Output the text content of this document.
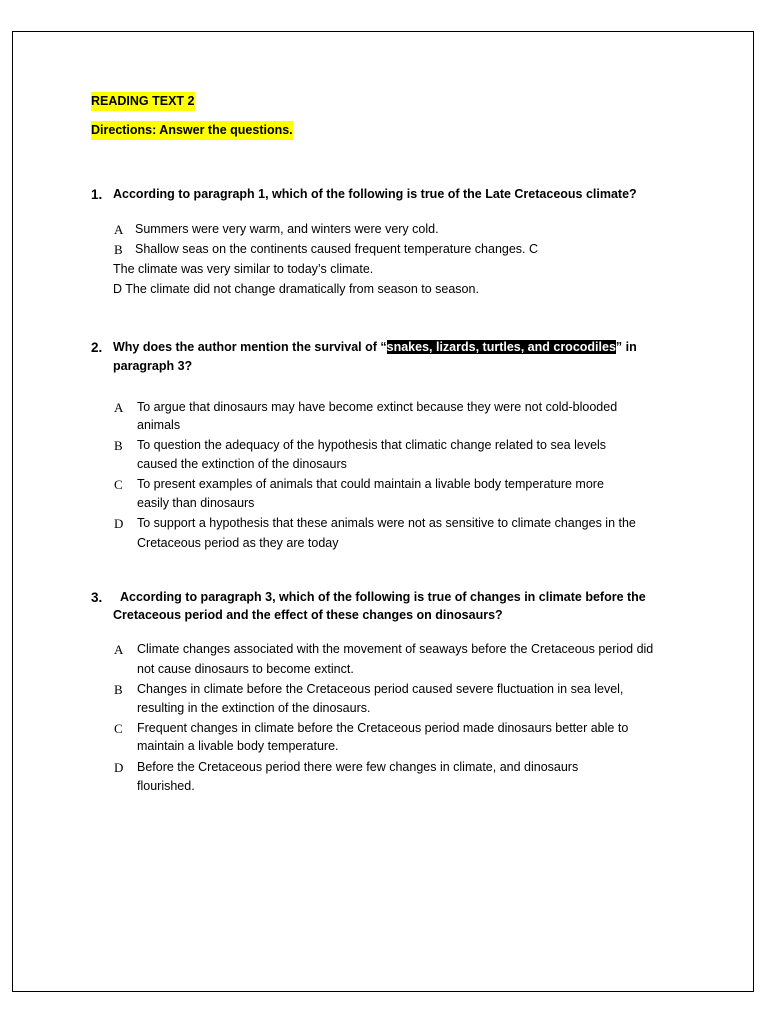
READING TEXT 2
Directions: Answer the questions.
1. According to paragraph 1, which of the following is true of the Late Cretaceous climate?
A Summers were very warm, and winters were very cold.
B Shallow seas on the continents caused frequent temperature changes. C
The climate was very similar to today’s climate.
D The climate did not change dramatically from season to season.
2. Why does the author mention the survival of “snakes, lizards, turtles, and crocodiles” in
paragraph 3?
A To argue that dinosaurs may have become extinct because they were not cold-blooded
animals
B To question the adequacy of the hypothesis that climatic change related to sea levels
caused the extinction of the dinosaurs
C To present examples of animals that could maintain a livable body temperature more
easily than dinosaurs
D To support a hypothesis that these animals were not as sensitive to climate changes in the
Cretaceous period as they are today
3. According to paragraph 3, which of the following is true of changes in climate before the
Cretaceous period and the effect of these changes on dinosaurs?
A Climate changes associated with the movement of seaways before the Cretaceous period did
not cause dinosaurs to become extinct.
B Changes in climate before the Cretaceous period caused severe fluctuation in sea level,
resulting in the extinction of the dinosaurs.
C Frequent changes in climate before the Cretaceous period made dinosaurs better able to
maintain a livable body temperature.
D Before the Cretaceous period there were few changes in climate, and dinosaurs
flourished.
